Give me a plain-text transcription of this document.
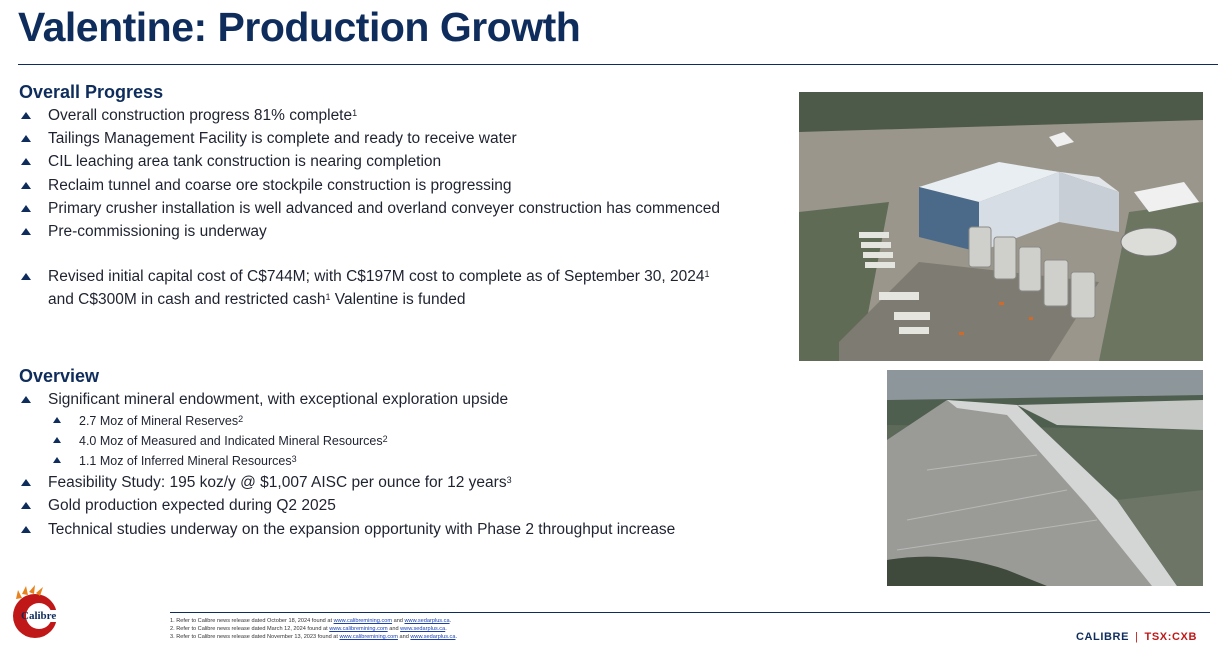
Valentine: Production Growth
Overall Progress
Overall construction progress 81% complete$^1$
Tailings Management Facility is complete and ready to receive water
CIL leaching area tank construction is nearing completion
Reclaim tunnel and coarse ore stockpile construction is progressing
Primary crusher installation is well advanced and overland conveyer construction has commenced
Pre-commissioning is underway
Revised initial capital cost of C$744M; with C$197M cost to complete as of September 30, 2024$^1$
and C$300M in cash and restricted cash$^1$ Valentine is funded
Overview
Significant mineral endowment, with exceptional exploration upside
2.7 Moz of Mineral Reserves$^2$
4.0 Moz of Measured and Indicated Mineral Resources$^2$
1.1 Moz of Inferred Mineral Resources$^3$
Feasibility Study: 195 koz/y @ $1,007 AISC per ounce for 12 years$^3$
Gold production expected during Q2 2025
Technical studies underway on the expansion opportunity with Phase 2 throughput increase
Calibre	1. Refer to Calibre news release dated October 18, 2024 found at www.calibremining.com and www.sedarplus.ca.
2. Refer to Calibre news release dated March 12, 2024 found at www.calibremining.com and www.sedarplus.ca.
3. Refer to Calibre news release dated November 13, 2023 found at www.calibremining.com and www.sedarplus.ca.	CALIBRE | TSX:CXB
